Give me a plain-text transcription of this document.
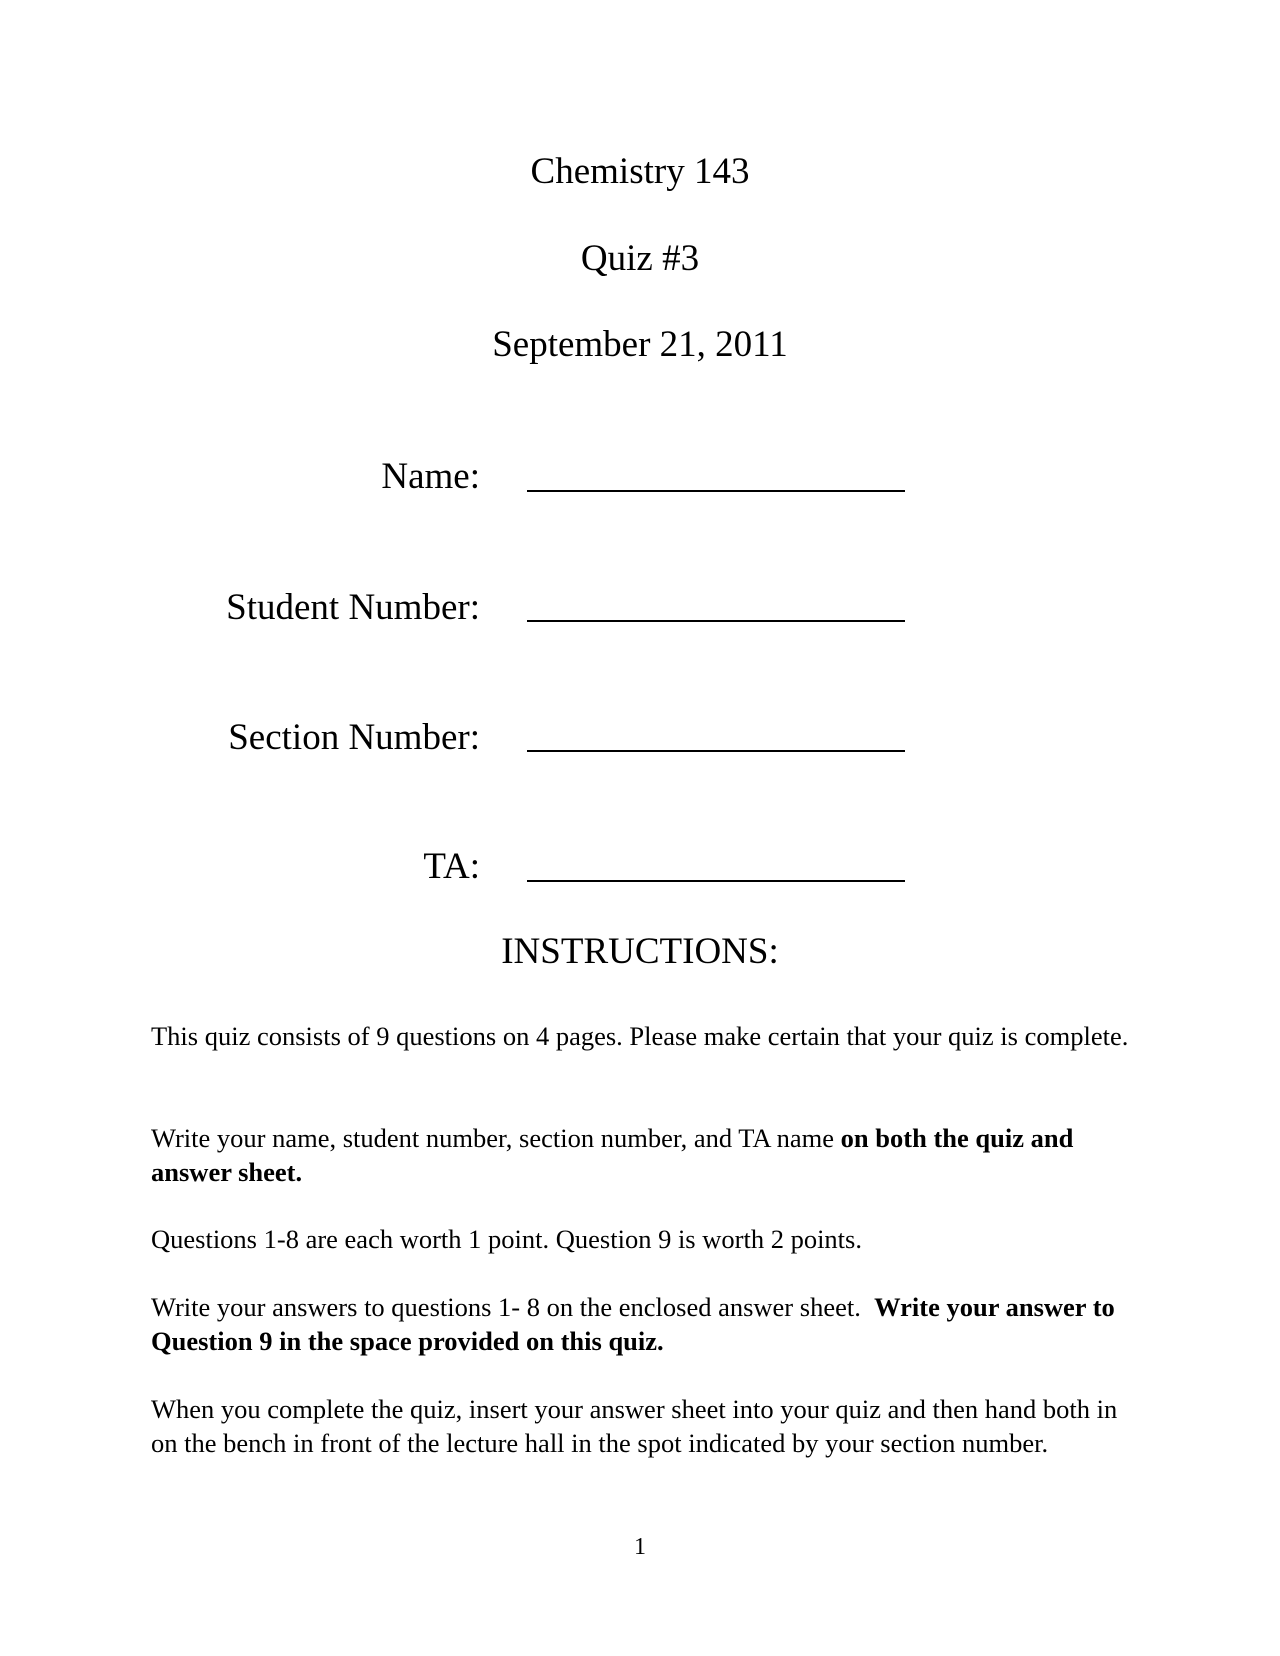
Chemistry 143
Quiz #3
September 21, 2011
Name:
Student Number:
Section Number:
TA:
INSTRUCTIONS:
This quiz consists of 9 questions on 4 pages. Please make certain that your quiz is complete.
Write your name, student number, section number, and TA name on both the quiz and answer sheet.
Questions 1-8 are each worth 1 point. Question 9 is worth 2 points.
Write your answers to questions 1- 8 on the enclosed answer sheet.  Write your answer to Question 9 in the space provided on this quiz.
When you complete the quiz, insert your answer sheet into your quiz and then hand both in on the bench in front of the lecture hall in the spot indicated by your section number.
1
